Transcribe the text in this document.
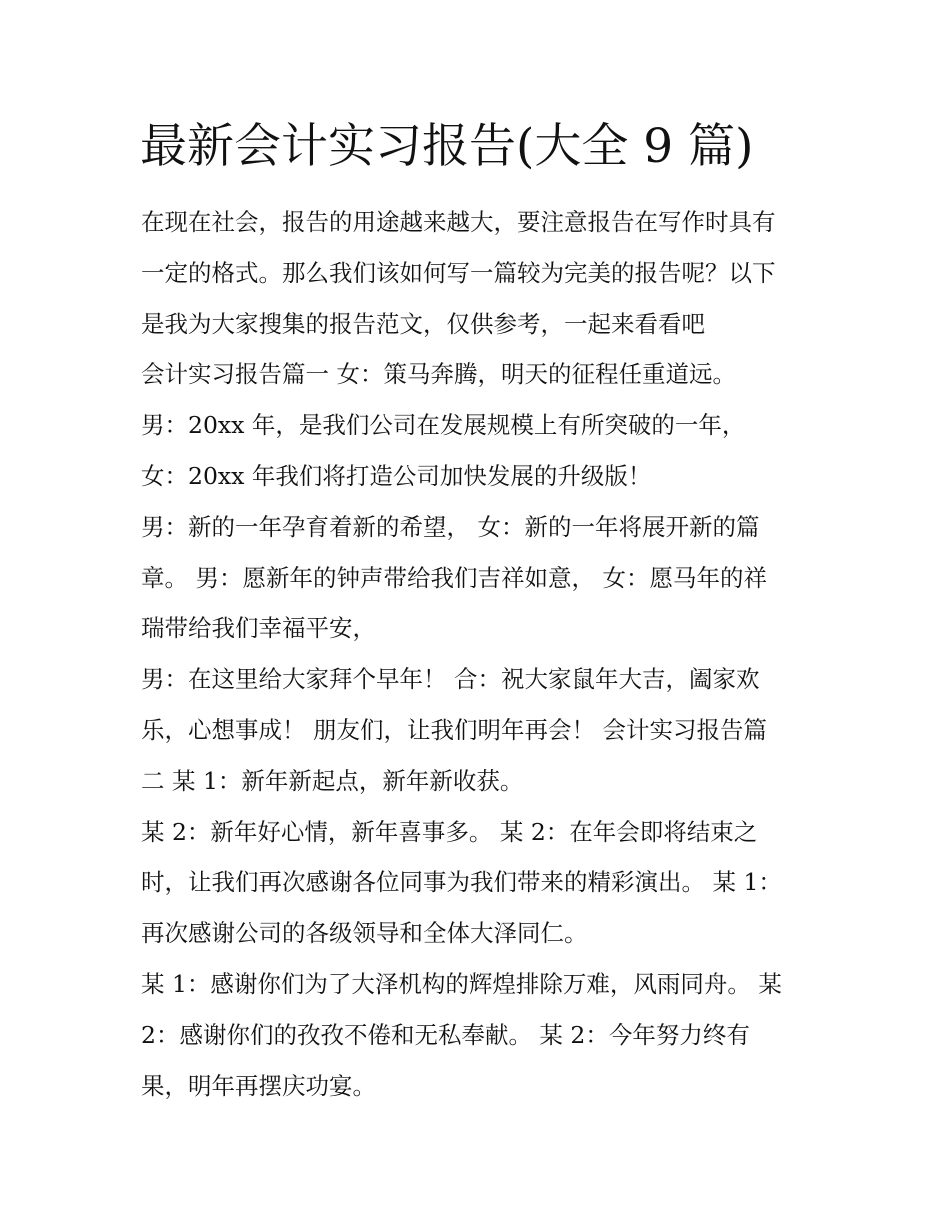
最新会计实习报告(大全 9 篇)
在现在社会，报告的用途越来越大，要注意报告在写作时具有
一定的格式。那么我们该如何写一篇较为完美的报告呢？以下
是我为大家搜集的报告范文，仅供参考，一起来看看吧
会计实习报告篇一 女：策马奔腾，明天的征程任重道远。
男：20xx 年，是我们公司在发展规模上有所突破的一年，
女：20xx 年我们将打造公司加快发展的升级版！
男：新的一年孕育着新的希望， 女：新的一年将展开新的篇
章。 男：愿新年的钟声带给我们吉祥如意， 女：愿马年的祥
瑞带给我们幸福平安，
男：在这里给大家拜个早年！ 合：祝大家鼠年大吉，阖家欢
乐，心想事成！ 朋友们，让我们明年再会！ 会计实习报告篇
二 某 1：新年新起点，新年新收获。
某 2：新年好心情，新年喜事多。 某 2：在年会即将结束之
时，让我们再次感谢各位同事为我们带来的精彩演出。 某 1：
再次感谢公司的各级领导和全体大泽同仁。
某 1：感谢你们为了大泽机构的辉煌排除万难，风雨同舟。 某
2：感谢你们的孜孜不倦和无私奉献。 某 2：今年努力终有
果，明年再摆庆功宴。
